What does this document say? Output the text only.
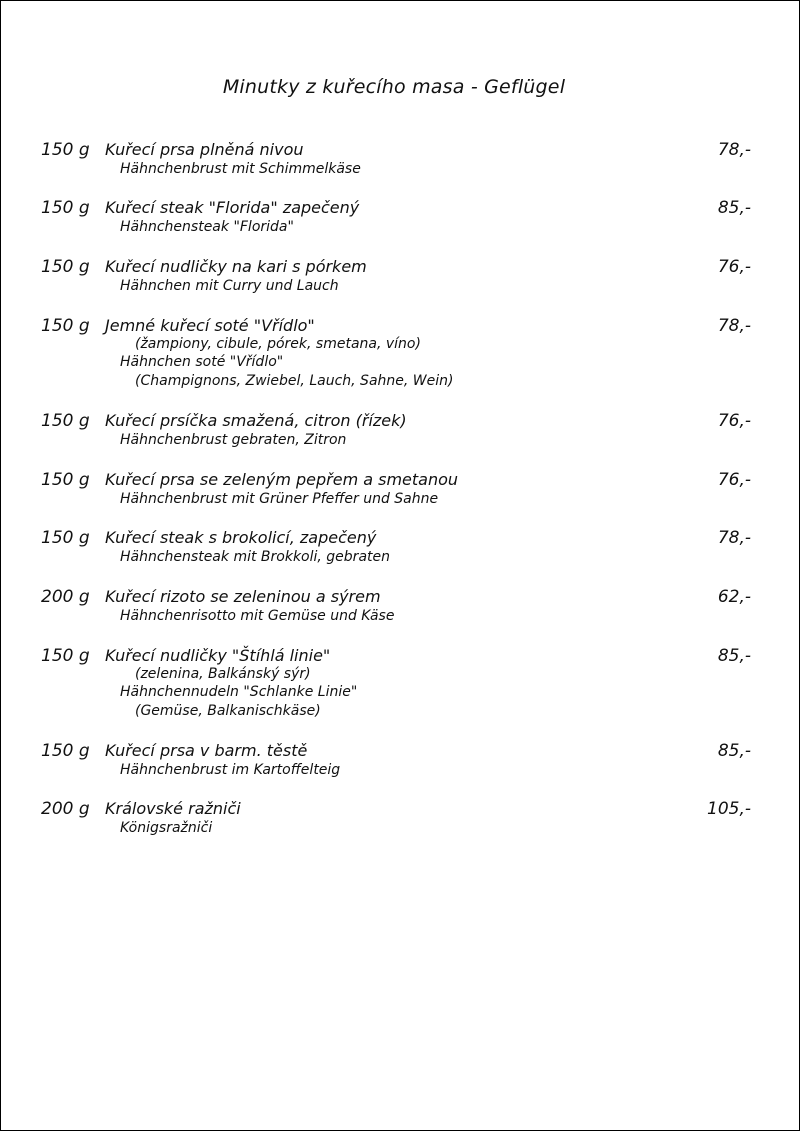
Minutky z kuřecího masa - Geflügel
150 g Kuřecí prsa plněná nivou	78,-
Hähnchenbrust mit Schimmelkäse
150 g Kuřecí steak "Florida" zapečený	85,-
Hähnchensteak "Florida"
150 g Kuřecí nudličky na kari s pórkem	76,-
Hähnchen mit Curry und Lauch
150 g Jemné kuřecí soté "Vřídlo"	78,-
(žampiony, cibule, pórek, smetana, víno)
Hähnchen soté "Vřídlo"
(Champignons, Zwiebel, Lauch, Sahne, Wein)
150 g Kuřecí prsíčka smažená, citron (řízek)	76,-
Hähnchenbrust gebraten, Zitron
150 g Kuřecí prsa se zeleným pepřem a smetanou	76,-
Hähnchenbrust mit Grüner Pfeffer und Sahne
150 g Kuřecí steak s brokolicí, zapečený	78,-
Hähnchensteak mit Brokkoli, gebraten
200 g Kuřecí rizoto se zeleninou a sýrem	62,-
Hähnchenrisotto mit Gemüse und Käse
150 g Kuřecí nudličky "Štíhlá linie"	85,-
(zelenina, Balkánský sýr)
Hähnchennudeln "Schlanke Linie"
(Gemüse, Balkanischkäse)
150 g Kuřecí prsa v barm. těstě	85,-
Hähnchenbrust im Kartoffelteig
200 g Královské ražniči	105,-
Königsražniči
